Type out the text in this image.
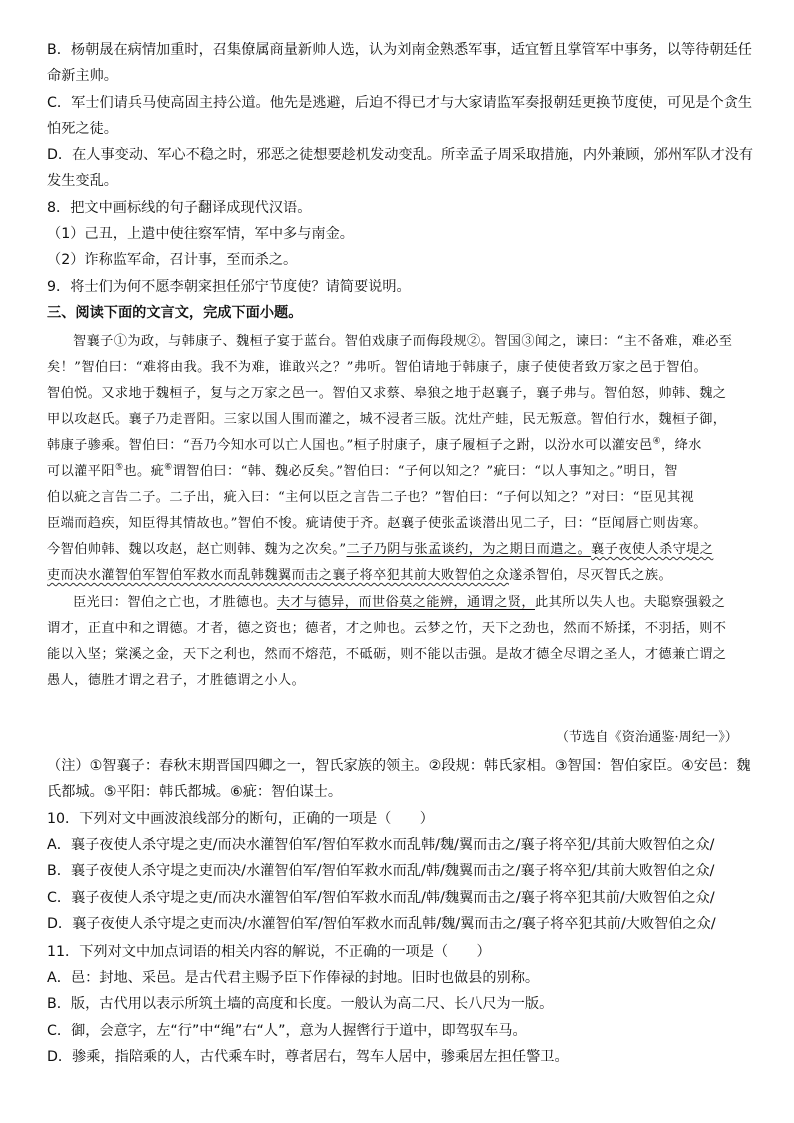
B．杨朝晟在病情加重时，召集僚属商量新帅人选，认为刘南金熟悉军事，适宜暂且掌管军中事务，以等待朝廷任
命新主帅。
C．军士们请兵马使高固主持公道。他先是逃避，后迫不得已才与大家请监军奏报朝廷更换节度使，可见是个贪生
怕死之徒。
D．在人事变动、军心不稳之时，邪恶之徒想要趁机发动变乱。所幸孟子周采取措施，内外兼顾，邠州军队才没有
发生变乱。
8．把文中画标线的句子翻译成现代汉语。
（1）己丑，上遣中使往察军情，军中多与南金。
（2）诈称监军命，召计事，至而杀之。
9．将士们为何不愿李朝寀担任邠宁节度使？请简要说明。
三、阅读下面的文言文，完成下面小题。
智襄子①为政，与韩康子、魏桓子宴于蓝台。智伯戏康子而侮段规②。智国③闻之，谏曰：“主不备难，难必至
矣！”智伯曰：“难将由我。我不为难，谁敢兴之？”弗听。智伯请地于韩康子，康子使使者致万家之邑于智伯。
智伯悦。又求地于魏桓子，复与之万家之邑一。智伯又求蔡、皋狼之地于赵襄子，襄子弗与。智伯怒，帅韩、魏之
甲以攻赵氏。襄子乃走晋阳。三家以国人围而灌之，城不浸者三版。沈灶产蛙，民无叛意。智伯行水，魏桓子御，
韩康子骖乘。智伯曰：“吾乃今知水可以亡人国也。”桓子肘康子，康子履桓子之跗，以汾水可以灌安邑④，绛水
可以灌平阳⑤也。疵⑥谓智伯曰：“韩、魏必反矣。”智伯曰：“子何以知之？”疵曰：“以人事知之。”明日，智
伯以疵之言告二子。二子出，疵入曰：“主何以臣之言告二子也？”智伯曰：“子何以知之？”对曰：“臣见其视
臣端而趋疾，知臣得其情故也。”智伯不悛。疵请使于齐。赵襄子使张孟谈潜出见二子，曰：“臣闻唇亡则齿寒。
今智伯帅韩、魏以攻赵，赵亡则韩、魏为之次矣。”二子乃阴与张孟谈约，为之期日而遣之。襄子夜使人杀守堤之
吏而决水灌智伯军智伯军救水而乱韩魏翼而击之襄子将卒犯其前大败智伯之众遂杀智伯，尽灭智氏之族。
臣光曰：智伯之亡也，才胜德也。夫才与德异，而世俗莫之能辨，通谓之贤，此其所以失人也。夫聪察强毅之
谓才，正直中和之谓德。才者，德之资也；德者，才之帅也。云梦之竹，天下之劲也，然而不矫揉，不羽括，则不
能以入坚；棠溪之金，天下之利也，然而不熔范，不砥砺，则不能以击强。是故才德全尽谓之圣人，才德兼亡谓之
愚人，德胜才谓之君子，才胜德谓之小人。
（节选自《资治通鉴·周纪一》）
（注）①智襄子：春秋末期晋国四卿之一，智氏家族的领主。②段规：韩氏家相。③智国：智伯家臣。④安邑：魏
氏都城。⑤平阳：韩氏都城。⑥疵：智伯谋士。
10．下列对文中画波浪线部分的断句，正确的一项是（　　）
A．襄子夜使人杀守堤之吏/而决水灌智伯军/智伯军救水而乱韩/魏/翼而击之/襄子将卒犯/其前大败智伯之众/
B．襄子夜使人杀守堤之吏而决/水灌智伯军/智伯军救水而乱/韩/魏翼而击之/襄子将卒犯/其前大败智伯之众/
C．襄子夜使人杀守堤之吏/而决水灌智伯军/智伯军救水而乱/韩/魏翼而击之/襄子将卒犯其前/大败智伯之众/
D．襄子夜使人杀守堤之吏而决/水灌智伯军/智伯军救水而乱韩/魏/翼而击之/襄子将卒犯其前/大败智伯之众/
11．下列对文中加点词语的相关内容的解说，不正确的一项是（　　）
A．邑：封地、采邑。是古代君主赐予臣下作俸禄的封地。旧时也做县的别称。
B．版，古代用以表示所筑土墙的高度和长度。一般认为高二尺、长八尺为一版。
C．御，会意字，左“行”中“绳”右“人”，意为人握辔行于道中，即驾驭车马。
D．骖乘，指陪乘的人，古代乘车时，尊者居右，驾车人居中，骖乘居左担任警卫。
